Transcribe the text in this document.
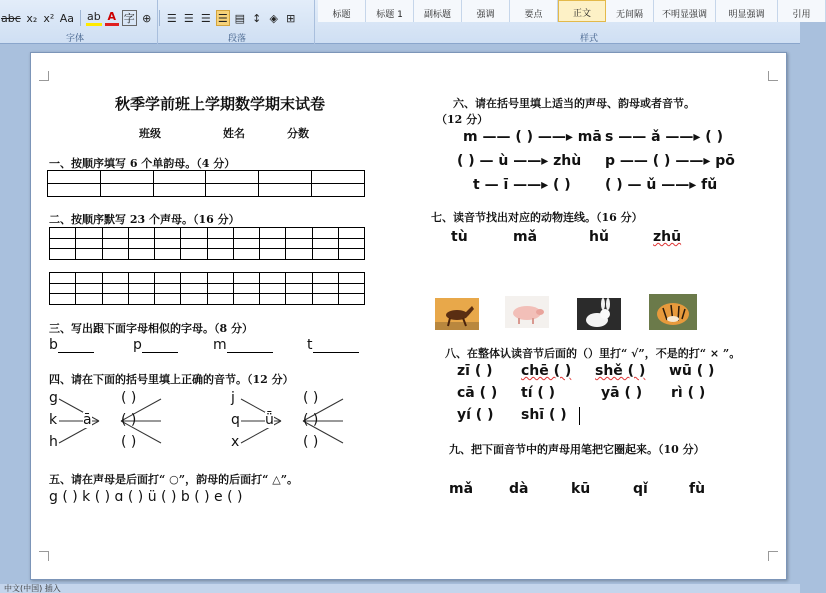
abc x₂ x² Aa ab A 字 ⊕ ☰ ☰ ☰ ☰ ▤ ↕ ◈ ⊞
字体	段落	样式
标题	标题 1	副标题	强调	要点	正文	无间隔	不明显强调	明显强调	引用
秋季学前班上学期数学期末试卷
班级	姓名	分数
一、按顺序填写 6 个单韵母。（4 分）

二、按顺序默写 23 个声母。（16 分）

三、写出跟下面字母相似的字母。（8 分）
b	p	m	t
四、请在下面的括号里填上正确的音节。（12 分）
g
k
h
ā
( )
( )
( )
j
q
x
ǖ
( )
( )
( )
五、请在声母是后面打“ ○”，韵母的后面打“ △”。
g ( ) k ( ) ɑ ( ) ü ( ) b ( ) e ( )
六、请在括号里填上适当的声母、韵母或者音节。
（12 分）
m —— ( ) ——▸ mā s —— ǎ ——▸ ( )
( ) — ù ——▸ zhù p —— ( ) ——▸ pō
t — ī ——▸ ( ) ( ) — ǔ ——▸ fǔ
七、读音节找出对应的动物连线。（16 分）
tù	mǎ	hǔ	zhū
八、在整体认读音节后面的（）里打“ √”，不是的打“ × ”。
zī ( ) chē ( ) shě ( ) wū ( )
cā ( ) tí ( )	yā ( ) rì ( )
yí ( ) shī ( )
九、把下面音节中的声母用笔把它圈起来。（10 分）
mǎ	dà	kū	qǐ	fù
中文(中国) 插入
